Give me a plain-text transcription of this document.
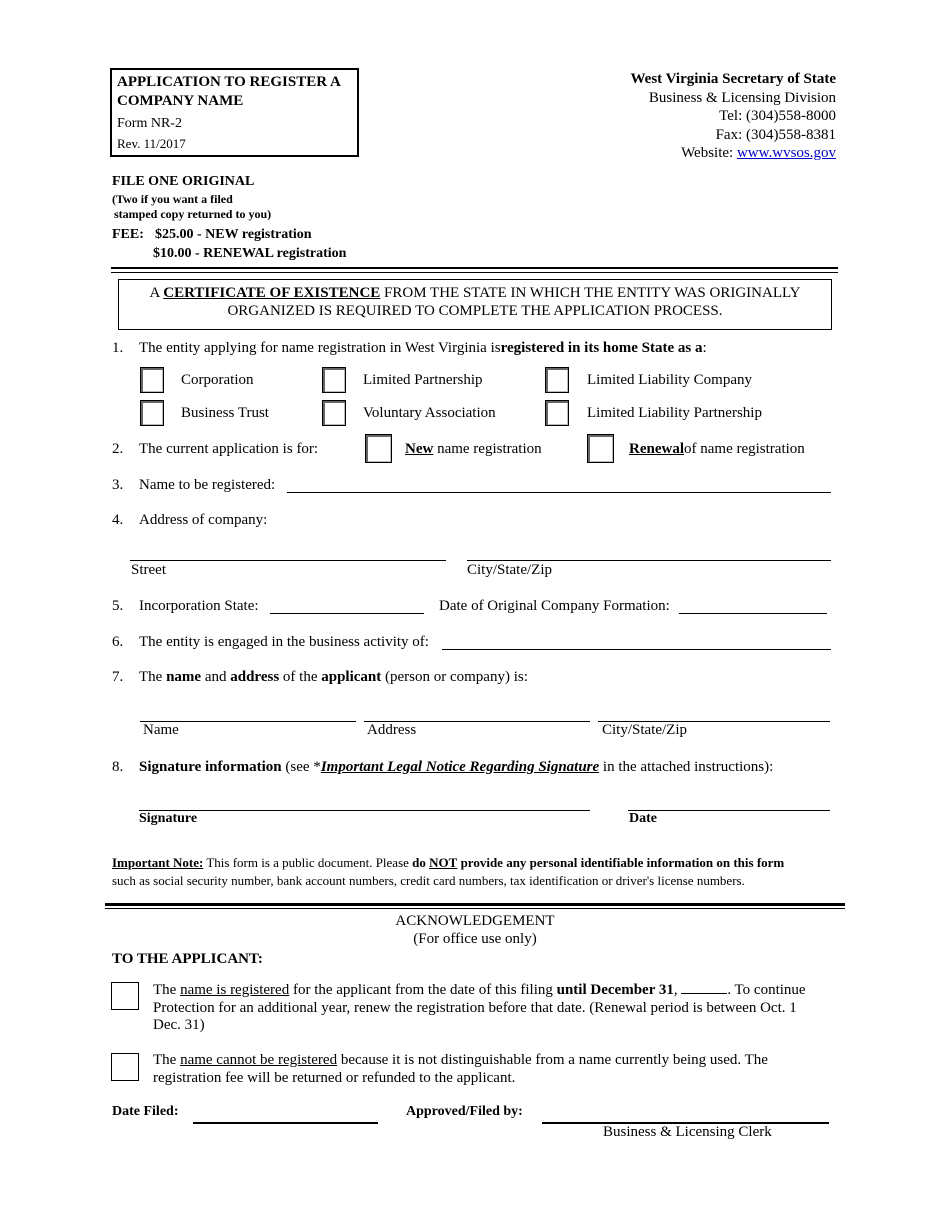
APPLICATION TO REGISTER A
COMPANY NAME
Form NR-2
Rev. 11/2017
West Virginia Secretary of State
Business & Licensing Division
Tel: (304)558-8000
Fax: (304)558-8381
Website: www.wvsos.gov
FILE ONE ORIGINAL
(Two if you want a filed
stamped copy returned to you)
FEE: $25.00 - NEW registration
$10.00 - RENEWAL registration
A CERTIFICATE OF EXISTENCE FROM THE STATE IN WHICH THE ENTITY WAS ORIGINALLY
ORGANIZED IS REQUIRED TO COMPLETE THE APPLICATION PROCESS.
1. The entity applying for name registration in West Virginia isregistered in its home State as a:
Corporation	Limited Partnership	Limited Liability Company
Business Trust	Voluntary Association	Limited Liability Partnership
2. The current application is for:	New name registration	Renewalof name registration
3. Name to be registered:
4. Address of company:
Street	City/State/Zip
5. Incorporation State:	Date of Original Company Formation:
6. The entity is engaged in the business activity of:
7. The name and address of the applicant (person or company) is:
Name	Address	City/State/Zip
8. Signature information (see *Important Legal Notice Regarding Signature in the attached instructions):
Signature	Date
Important Note: This form is a public document. Please do NOT provide any personal identifiable information on this form
such as social security number, bank account numbers, credit card numbers, tax identification or driver's license numbers.
ACKNOWLEDGEMENT
(For office use only)
TO THE APPLICANT:
The name is registered for the applicant from the date of this filing until December 31,	. To continue
Protection for an additional year, renew the registration before that date. (Renewal period is between Oct. 1
Dec. 31)
The name cannot be registered because it is not distinguishable from a name currently being used. The
registration fee will be returned or refunded to the applicant.
Date Filed:	Approved/Filed by:
Business & Licensing Clerk
